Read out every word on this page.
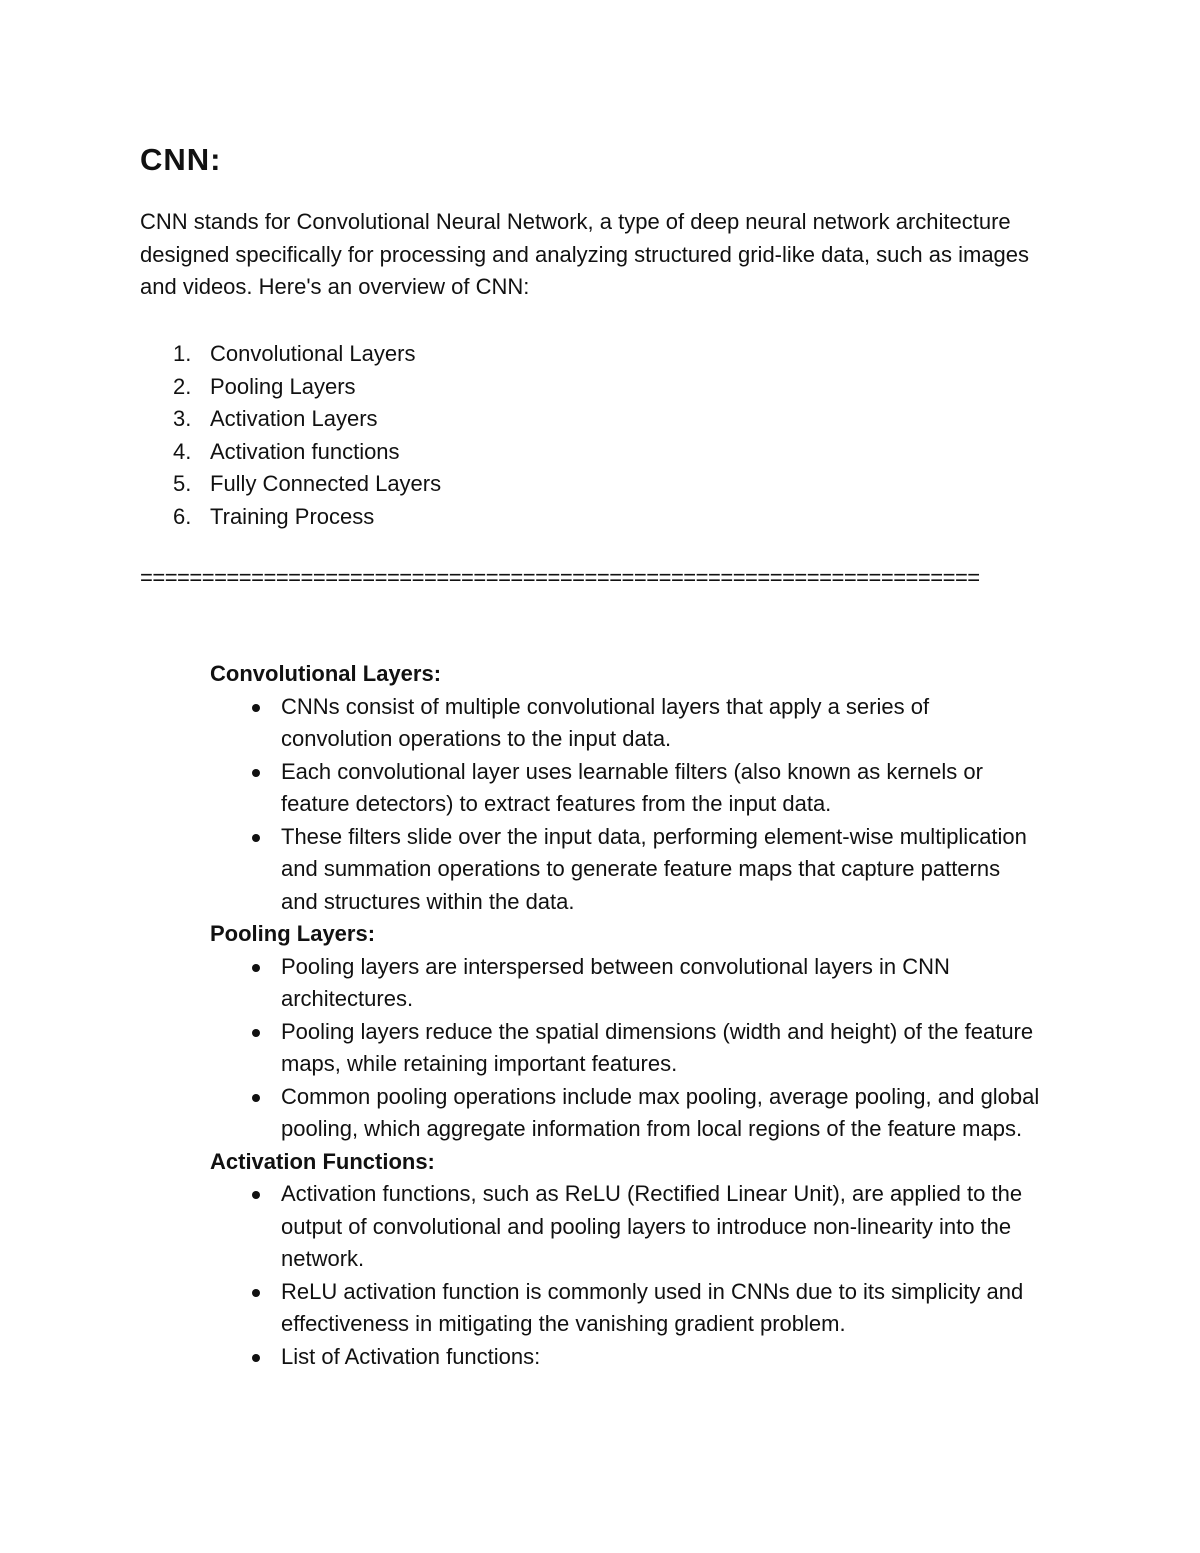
CNN:

CNN stands for Convolutional Neural Network, a type of deep neural network architecture designed specifically for processing and analyzing structured grid-like data, such as images and videos. Here's an overview of CNN:

1. Convolutional Layers
2. Pooling Layers
3. Activation Layers
4. Activation functions
5. Fully Connected Layers
6. Training Process
====================================================================

Convolutional Layers:

CNNs consist of multiple convolutional layers that apply a series of convolution operations to the input data.
Each convolutional layer uses learnable filters (also known as kernels or feature detectors) to extract features from the input data.
These filters slide over the input data, performing element-wise multiplication and summation operations to generate feature maps that capture patterns and structures within the data.

Pooling Layers:

Pooling layers are interspersed between convolutional layers in CNN architectures.
Pooling layers reduce the spatial dimensions (width and height) of the feature maps, while retaining important features.
Common pooling operations include max pooling, average pooling, and global pooling, which aggregate information from local regions of the feature maps.

Activation Functions:

Activation functions, such as ReLU (Rectified Linear Unit), are applied to the output of convolutional and pooling layers to introduce non-linearity into the network.
ReLU activation function is commonly used in CNNs due to its simplicity and effectiveness in mitigating the vanishing gradient problem.
List of Activation functions:
